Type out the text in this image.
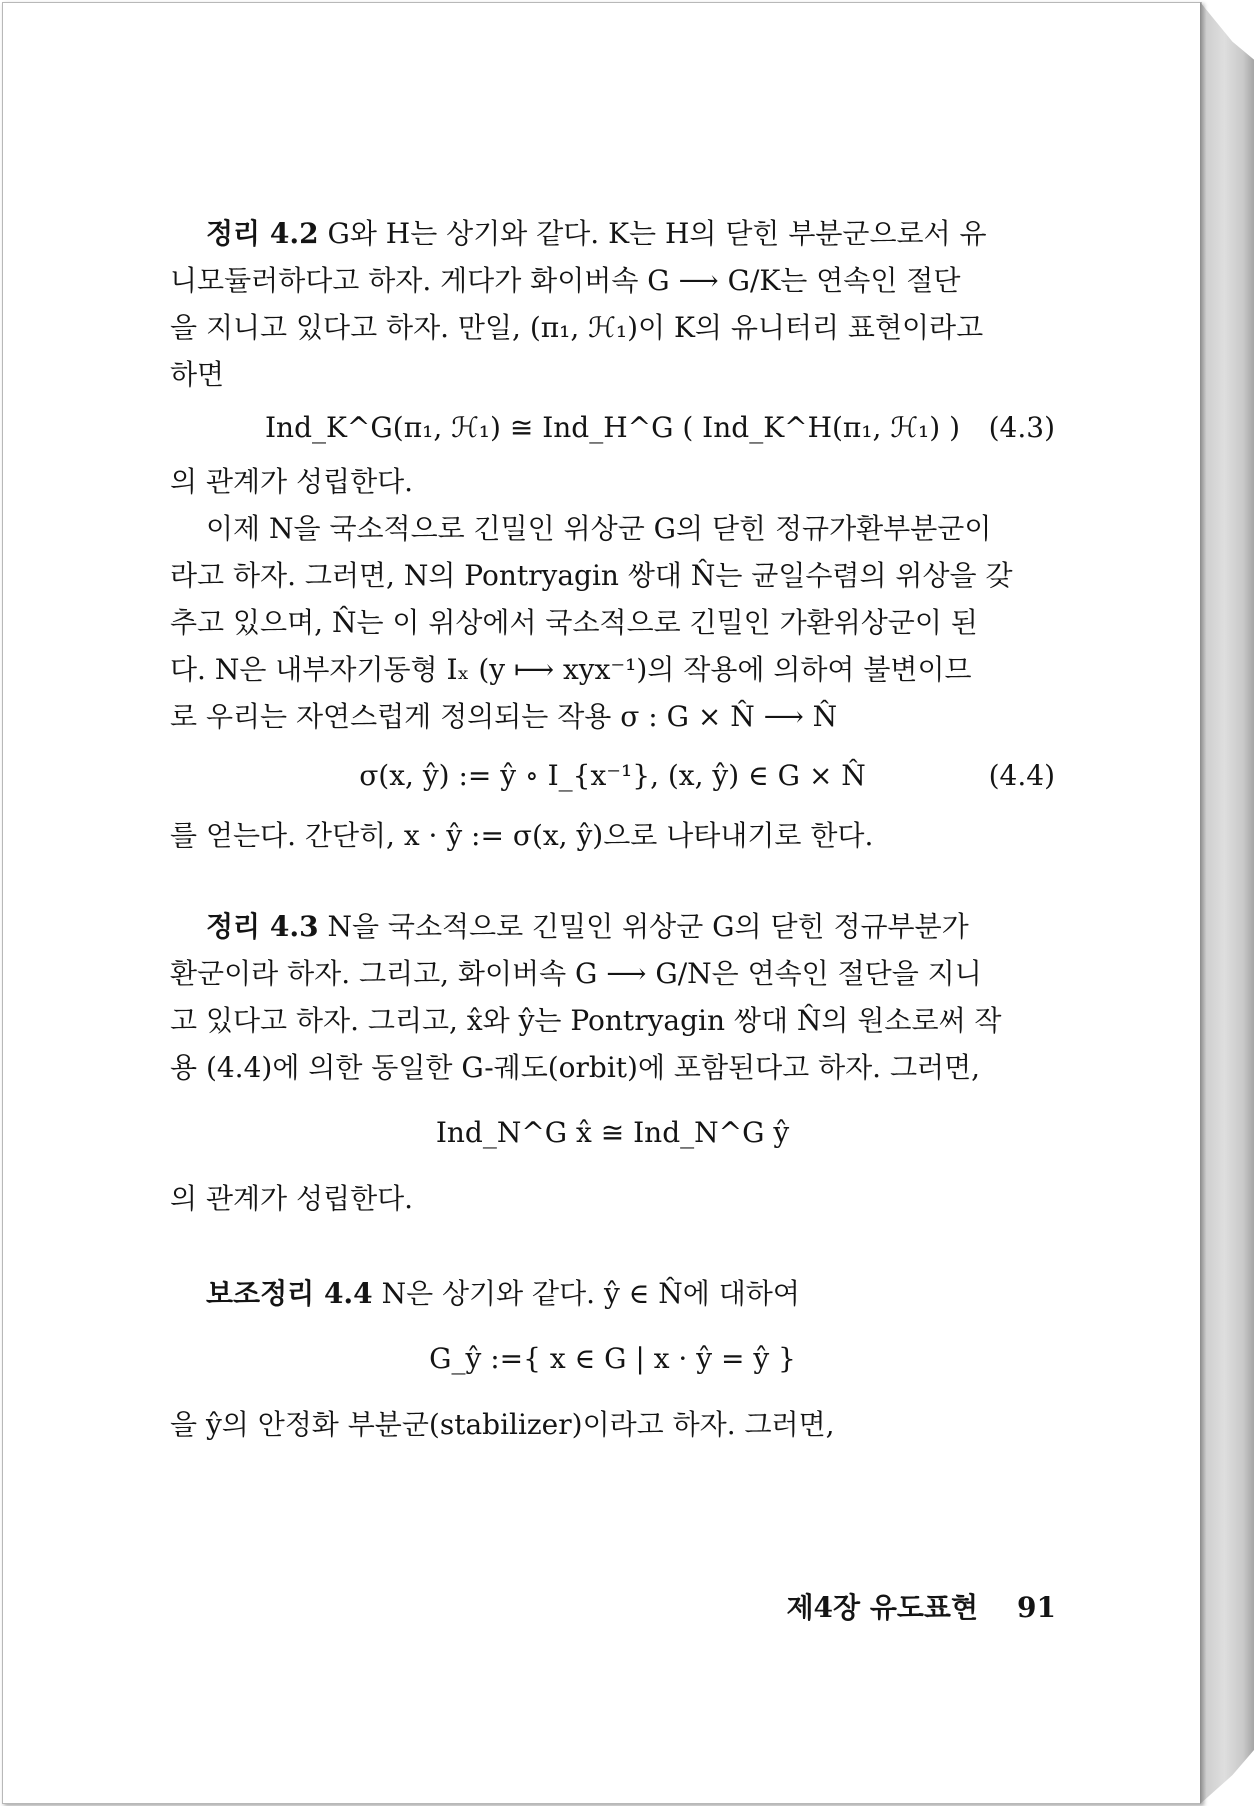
정리 4.2 G와 H는 상기와 같다. K는 H의 닫힌 부분군으로서 유
니모듈러하다고 하자. 게다가 화이버속 G ⟶ G/K는 연속인 절단
을 지니고 있다고 하자. 만일, (π₁, ℋ₁)이 K의 유니터리 표현이라고
하면
Ind_K^G(π₁, ℋ₁) ≅ Ind_H^G ( Ind_K^H(π₁, ℋ₁) )	(4.3)
의 관계가 성립한다.
이제 N을 국소적으로 긴밀인 위상군 G의 닫힌 정규가환부분군이
라고 하자. 그러면, N의 Pontryagin 쌍대 N̂는 균일수렴의 위상을 갖
추고 있으며, N̂는 이 위상에서 국소적으로 긴밀인 가환위상군이 된
다. N은 내부자기동형 Iₓ (y ⟼ xyx⁻¹)의 작용에 의하여 불변이므
로 우리는 자연스럽게 정의되는 작용 σ : G × N̂ ⟶ N̂
σ(x, ŷ) := ŷ ∘ I_{x⁻¹}, (x, ŷ) ∈ G × N̂	(4.4)
를 얻는다. 간단히, x · ŷ := σ(x, ŷ)으로 나타내기로 한다.
정리 4.3 N을 국소적으로 긴밀인 위상군 G의 닫힌 정규부분가
환군이라 하자. 그리고, 화이버속 G ⟶ G/N은 연속인 절단을 지니
고 있다고 하자. 그리고, x̂와 ŷ는 Pontryagin 쌍대 N̂의 원소로써 작
용 (4.4)에 의한 동일한 G-궤도(orbit)에 포함된다고 하자. 그러면,
Ind_N^G x̂ ≅ Ind_N^G ŷ
의 관계가 성립한다.
보조정리 4.4 N은 상기와 같다. ŷ ∈ N̂에 대하여
G_ŷ :={ x ∈ G | x · ŷ = ŷ }
을 ŷ의 안정화 부분군(stabilizer)이라고 하자. 그러면,
제4장 유도표현 91
